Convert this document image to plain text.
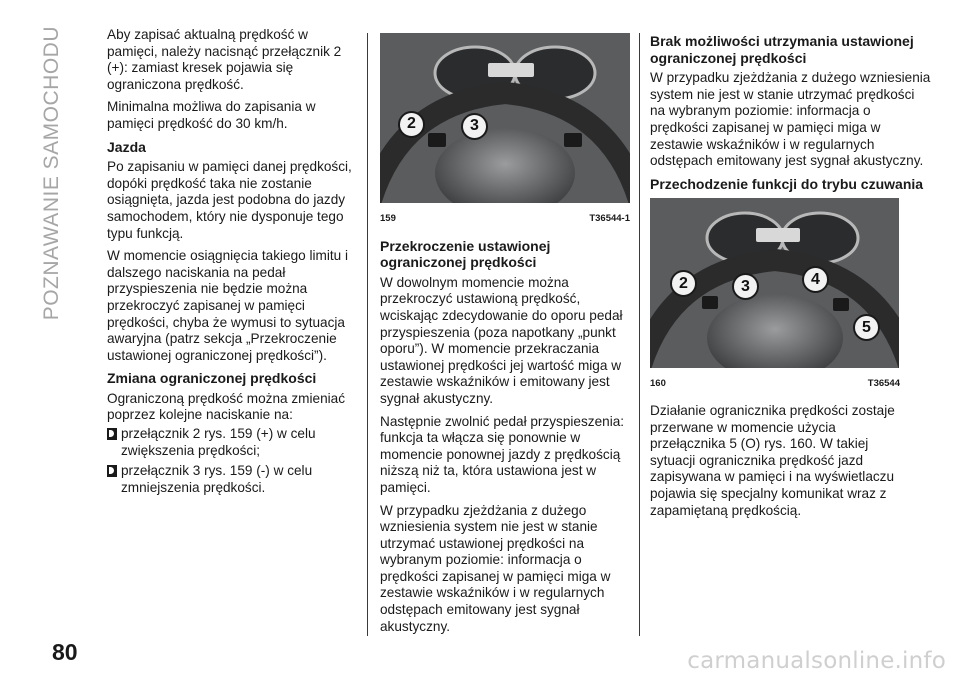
POZNAWANIE SAMOCHODU	Aby zapisać aktualną prędkość w pamięci, należy nacisnąć przełącznik 2 (+): zamiast kresek pojawia się ograniczona prędkość.

Minimalna możliwa do zapisania w pamięci prędkość do 30 km/h.

Jazda

Po zapisaniu w pamięci danej prędkości, dopóki prędkość taka nie zostanie osiągnięta, jazda jest podobna do jazdy samochodem, który nie dysponuje tego typu funkcją.

W momencie osiągnięcia takiego limitu i dalszego naciskania na pedał przyspieszenia nie będzie można przekroczyć zapisanej w pamięci prędkości, chyba że wymusi to sytuacja awaryjna (patrz sekcja „Przekroczenie ustawionej ograniczonej prędkości”).

Zmiana ograniczonej prędkości

Ograniczoną prędkość można zmieniać poprzez kolejne naciskanie na:

przełącznik 2 rys. 159 (+) w celu zwiększenia prędkości;
przełącznik 3 rys. 159 (-) w celu zmniejszenia prędkości.
2	3
159	T36544-1
Przekroczenie ustawionej ograniczonej prędkości

W dowolnym momencie można przekroczyć ustawioną prędkość, wciskając zdecydowanie do oporu pedał przyspieszenia (poza napotkany „punkt oporu”). W momencie przekraczania ustawionej prędkości jej wartość miga w zestawie wskaźników i emitowany jest sygnał akustyczny.

Następnie zwolnić pedał przyspieszenia: funkcja ta włącza się ponownie w momencie ponownej jazdy z prędkością niższą niż ta, która ustawiona jest w pamięci.

W przypadku zjeżdżania z dużego wzniesienia system nie jest w stanie utrzymać ustawionej prędkości na wybranym poziomie: informacja o prędkości zapisanej w pamięci miga w zestawie wskaźników i w regularnych odstępach emitowany jest sygnał akustyczny.

Brak możliwości utrzymania ustawionej ograniczonej prędkości

W przypadku zjeżdżania z dużego wzniesienia system nie jest w stanie utrzymać prędkości na wybranym poziomie: informacja o prędkości zapisanej w pamięci miga w zestawie wskaźników i w regularnych odstępach emitowany jest sygnał akustyczny.

Przechodzenie funkcji do trybu czuwania
2	3	4
5
160	T36544

Działanie ogranicznika prędkości zostaje przerwane w momencie użycia przełącznika 5 (O) rys. 160. W takiej sytuacji ogranicznika prędkość jazd zapisywana w pamięci i na wyświetlaczu pojawia się specjalny komunikat wraz z zapamiętaną prędkością.

80	carmanualsonline.info
